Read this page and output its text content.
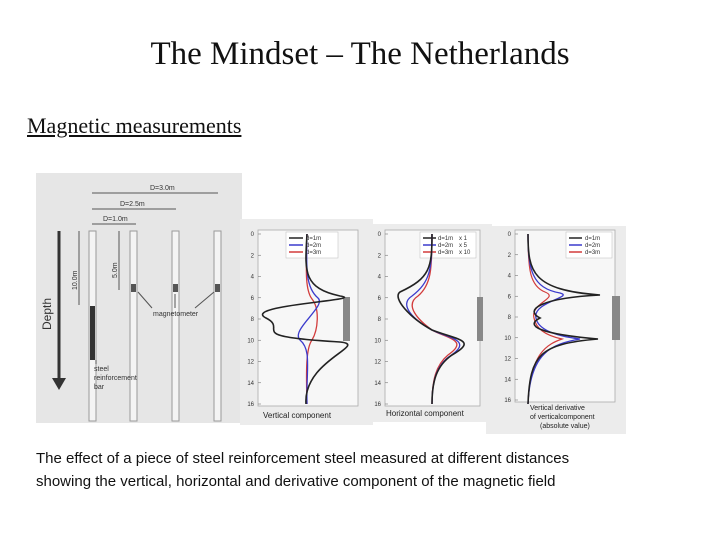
The Mindset – The Netherlands
Magnetic measurements
D=3.0m
D=2.5m
D=1.0m
Depth
10.0m
5.0m
magnetometer
steel
reinforcement
bar
0
2
4
6
8
10
12
14
16
d=1m
d=2m
d=3m
Vertical component
0
2
4
6
8
10
12
14
16
d=1m
d=2m
d=3m
x 1
x 5
x 10
Horizontal component
0
2
4
6
8
10
12
14
16
d=1m
d=2m
d=3m
Vertical derivative
of verticalcomponent
(absolute value)
The effect of a piece of steel reinforcement steel measured at different distances
showing the vertical, horizontal and derivative component of the magnetic field
